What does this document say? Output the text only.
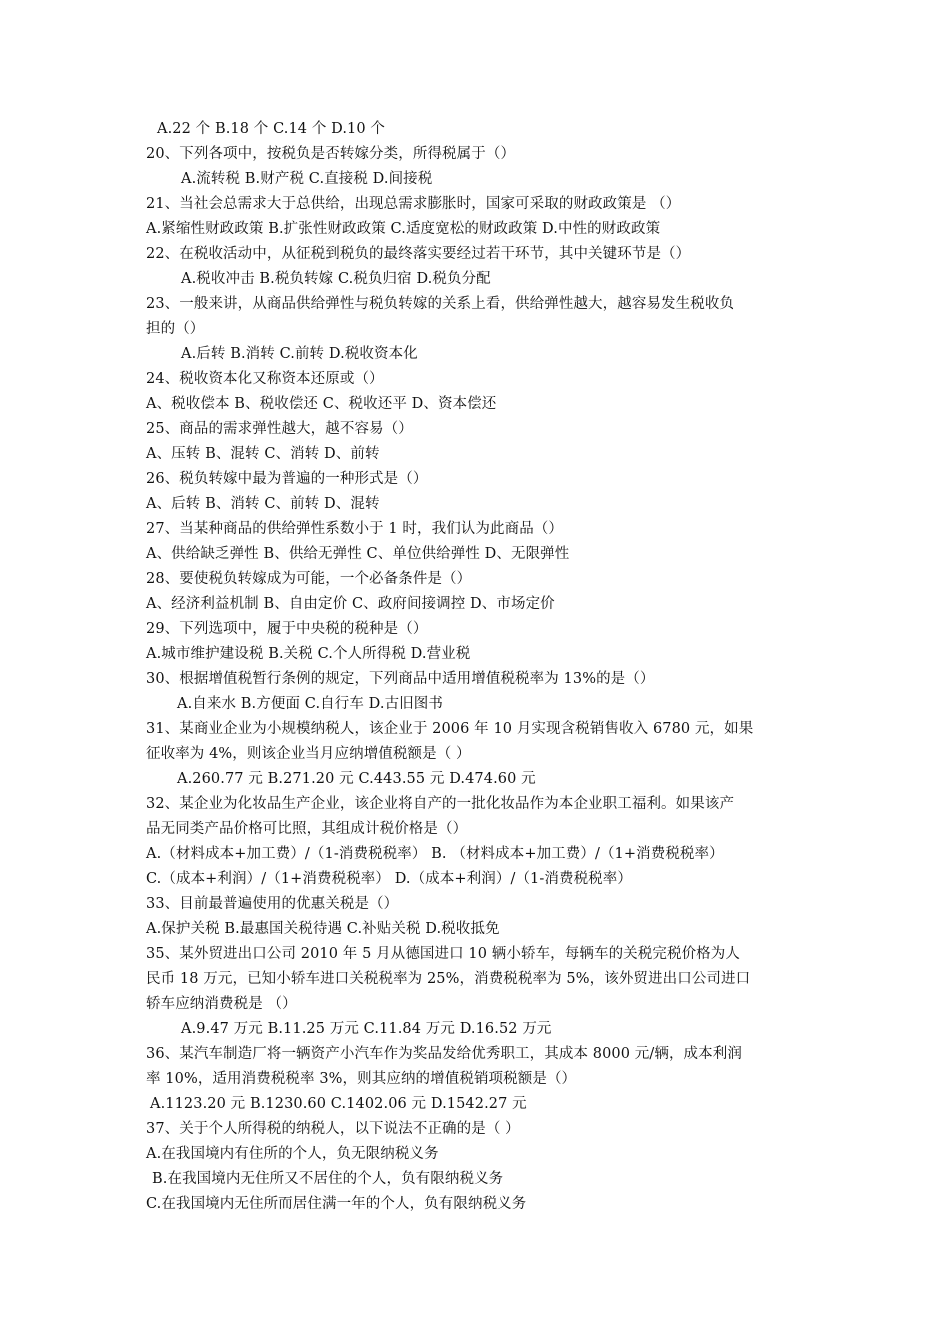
A.22 个 B.18 个 C.14 个 D.10 个
20、下列各项中，按税负是否转嫁分类，所得税属于（）
A.流转税 B.财产税 C.直接税 D.间接税
21、当社会总需求大于总供给，出现总需求膨胀时，国家可采取的财政政策是 （）
A.紧缩性财政政策 B.扩张性财政政策 C.适度宽松的财政政策 D.中性的财政政策
22、在税收活动中，从征税到税负的最终落实要经过若干环节，其中关键环节是（）
A.税收冲击 B.税负转嫁 C.税负归宿 D.税负分配
23、一般来讲，从商品供给弹性与税负转嫁的关系上看，供给弹性越大，越容易发生税收负
担的（）
A.后转 B.消转 C.前转 D.税收资本化
24、税收资本化又称资本还原或（）
A、税收偿本 B、税收偿还 C、税收还平 D、资本偿还
25、商品的需求弹性越大，越不容易（）
A、压转 B、混转 C、消转 D、前转
26、税负转嫁中最为普遍的一种形式是（）
A、后转 B、消转 C、前转 D、混转
27、当某种商品的供给弹性系数小于 1 时，我们认为此商品（）
A、供给缺乏弹性 B、供给无弹性 C、单位供给弹性 D、无限弹性
28、要使税负转嫁成为可能，一个必备条件是（）
A、经济利益机制 B、自由定价 C、政府间接调控 D、市场定价
29、下列选项中，履于中央税的税种是（）
A.城市维护建设税 B.关税 C.个人所得税 D.营业税
30、根据增值税暂行条例的规定，下列商品中适用增值税税率为 13%的是（）
A.自来水 B.方便面 C.自行车 D.古旧图书
31、某商业企业为小规模纳税人，该企业于 2006 年 10 月实现含税销售收入 6780 元，如果
征收率为 4%，则该企业当月应纳增值税额是（ ）
A.260.77 元 B.271.20 元 C.443.55 元 D.474.60 元
32、某企业为化妆品生产企业，该企业将自产的一批化妆品作为本企业职工福利。如果该产
品无同类产品价格可比照，其组成计税价格是（）
A.（材料成本+加工费）/（1-消费税税率） B. （材料成本+加工费）/（1+消费税税率）
C.（成本+利润）/（1+消费税税率） D.（成本+利润）/（1-消费税税率）
33、目前最普遍使用的优惠关税是（）
A.保护关税 B.最惠国关税待遇 C.补贴关税 D.税收抵免
35、某外贸进出口公司 2010 年 5 月从德国进口 10 辆小轿车，每辆车的关税完税价格为人
民币 18 万元，已知小轿车进口关税税率为 25%，消费税税率为 5%，该外贸进出口公司进口
轿车应纳消费税是 （）
A.9.47 万元 B.11.25 万元 C.11.84 万元 D.16.52 万元
36、某汽车制造厂将一辆资产小汽车作为奖品发给优秀职工，其成本 8000 元/辆，成本利润
率 10%，适用消费税税率 3%，则其应纳的增值税销项税额是（）
A.1123.20 元 B.1230.60 C.1402.06 元 D.1542.27 元
37、关于个人所得税的纳税人，以下说法不正确的是（ ）
A.在我国境内有住所的个人，负无限纳税义务
B.在我国境内无住所又不居住的个人，负有限纳税义务
C.在我国境内无住所而居住满一年的个人，负有限纳税义务
